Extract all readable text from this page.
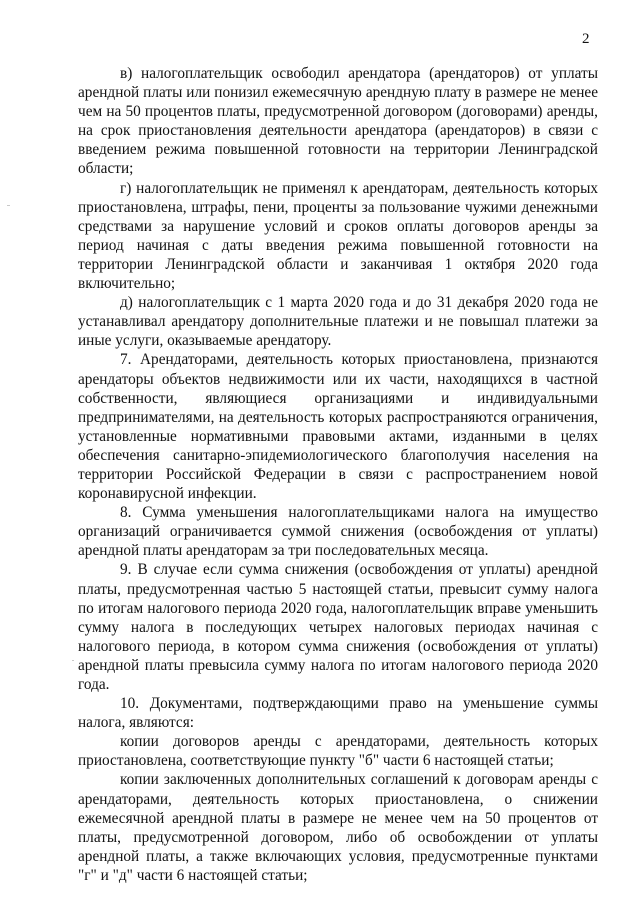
2

в) налогоплательщик освободил арендатора (арендаторов) от уплаты арендной платы или понизил ежемесячную арендную плату в размере не менее чем на 50 процентов платы, предусмотренной договором (договорами) аренды, на срок приостановления деятельности арендатора (арендаторов) в связи с введением режима повышенной готовности на территории Ленинградской области;

г) налогоплательщик не применял к арендаторам, деятельность которых приостановлена, штрафы, пени, проценты за пользование чужими денежными средствами за нарушение условий и сроков оплаты договоров аренды за период начиная с даты введения режима повышенной готовности на территории Ленинградской области и заканчивая 1 октября 2020 года включительно;

д) налогоплательщик с 1 марта 2020 года и до 31 декабря 2020 года не устанавливал арендатору дополнительные платежи и не повышал платежи за иные услуги, оказываемые арендатору.

7. Арендаторами, деятельность которых приостановлена, признаются арендаторы объектов недвижимости или их части, находящихся в частной собственности, являющиеся организациями и индивидуальными предпринимателями, на деятельность которых распространяются ограничения, установленные нормативными правовыми актами, изданными в целях обеспечения санитарно-эпидемиологического благополучия населения на территории Российской Федерации в связи с распространением новой коронавирусной инфекции.

8. Сумма уменьшения налогоплательщиками налога на имущество организаций ограничивается суммой снижения (освобождения от уплаты) арендной платы арендаторам за три последовательных месяца.

9. В случае если сумма снижения (освобождения от уплаты) арендной платы, предусмотренная частью 5 настоящей статьи, превысит сумму налога по итогам налогового периода 2020 года, налогоплательщик вправе уменьшить сумму налога в последующих четырех налоговых периодах начиная с налогового периода, в котором сумма снижения (освобождения от уплаты) арендной платы превысила сумму налога по итогам налогового периода 2020 года.

10. Документами, подтверждающими право на уменьшение суммы налога, являются:

копии договоров аренды с арендаторами, деятельность которых приостановлена, соответствующие пункту "б" части 6 настоящей статьи;

копии заключенных дополнительных соглашений к договорам аренды с арендаторами, деятельность которых приостановлена, о снижении ежемесячной арендной платы в размере не менее чем на 50 процентов от платы, предусмотренной договором, либо об освобождении от уплаты арендной платы, а также включающих условия, предусмотренные пунктами "г" и "д" части 6 настоящей статьи;
